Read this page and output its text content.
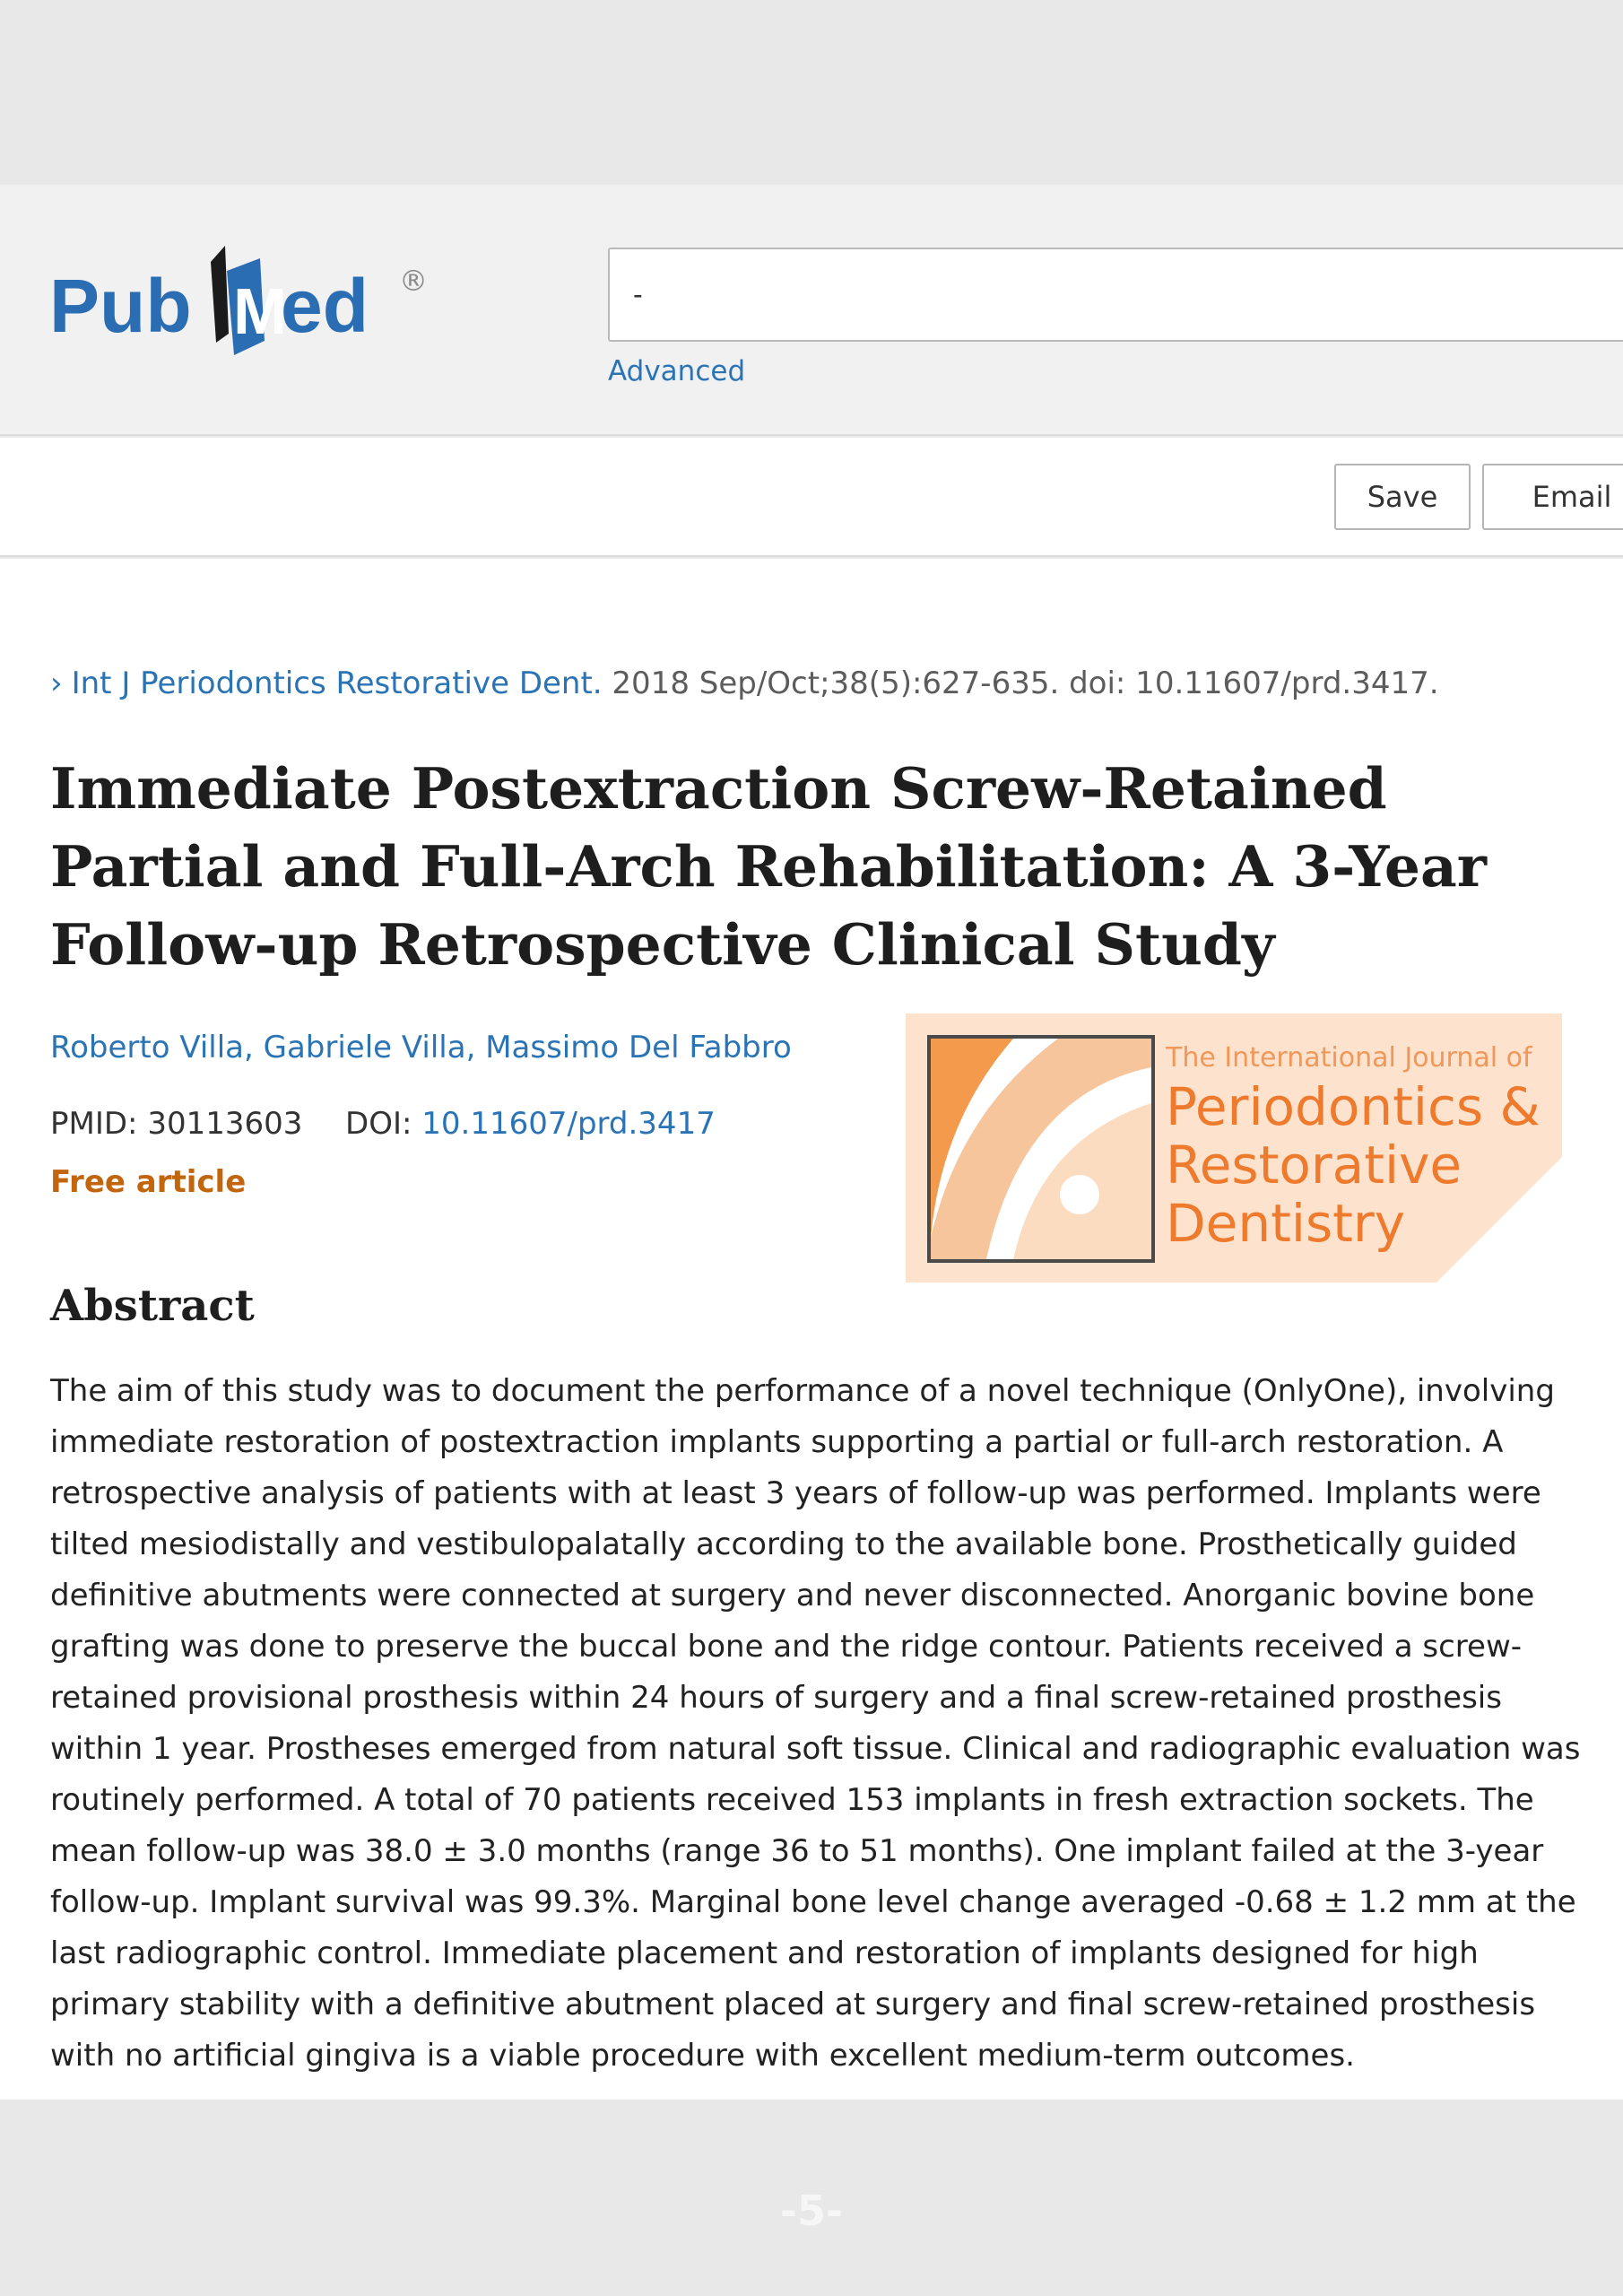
Pub M
ed ®
-
Advanced
Save	Email
› Int J Periodontics Restorative Dent. 2018 Sep/Oct;38(5):627-635. doi: 10.11607/prd.3417.
Immediate Postextraction Screw-Retained Partial and Full-Arch Rehabilitation: A 3-Year Follow-up Retrospective Clinical Study
Roberto Villa, Gabriele Villa, Massimo Del Fabbro
PMID: 30113603 DOI: 10.11607/prd.3417
Free article
The International Journal of
Periodontics &
Restorative
Dentistry
Abstract

The aim of this study was to document the performance of a novel technique (OnlyOne), involving immediate restoration of postextraction implants supporting a partial or full-arch restoration. A retrospective analysis of patients with at least 3 years of follow-up was performed. Implants were tilted mesiodistally and vestibulopalatally according to the available bone. Prosthetically guided definitive abutments were connected at surgery and never disconnected. Anorganic bovine bone grafting was done to preserve the buccal bone and the ridge contour. Patients received a screw-retained provisional prosthesis within 24 hours of surgery and a final screw-retained prosthesis within 1 year. Prostheses emerged from natural soft tissue. Clinical and radiographic evaluation was routinely performed. A total of 70 patients received 153 implants in fresh extraction sockets. The mean follow-up was 38.0 ± 3.0 months (range 36 to 51 months). One implant failed at the 3-year follow-up. Implant survival was 99.3%. Marginal bone level change averaged -0.68 ± 1.2 mm at the last radiographic control. Immediate placement and restoration of implants designed for high primary stability with a definitive abutment placed at surgery and final screw-retained prosthesis with no artificial gingiva is a viable procedure with excellent medium-term outcomes.

-5-
